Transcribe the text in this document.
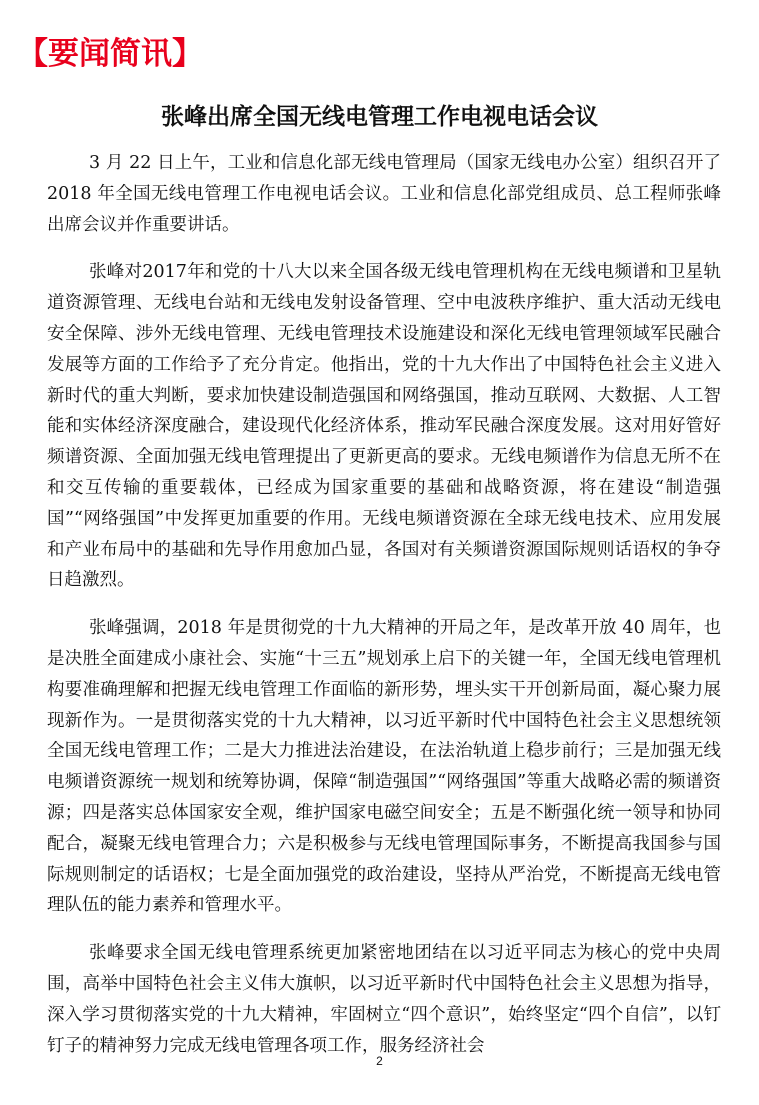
【要闻简讯】
张峰出席全国无线电管理工作电视电话会议

3 月 22 日上午，工业和信息化部无线电管理局（国家无线电办公室）组织召开了 2018 年全国无线电管理工作电视电话会议。工业和信息化部党组成员、总工程师张峰出席会议并作重要讲话。

张峰对2017年和党的十八大以来全国各级无线电管理机构在无线电频谱和卫星轨道资源管理、无线电台站和无线电发射设备管理、空中电波秩序维护、重大活动无线电安全保障、涉外无线电管理、无线电管理技术设施建设和深化无线电管理领域军民融合发展等方面的工作给予了充分肯定。他指出，党的十九大作出了中国特色社会主义进入新时代的重大判断，要求加快建设制造强国和网络强国，推动互联网、大数据、人工智能和实体经济深度融合，建设现代化经济体系，推动军民融合深度发展。这对用好管好频谱资源、全面加强无线电管理提出了更新更高的要求。无线电频谱作为信息无所不在和交互传输的重要载体，已经成为国家重要的基础和战略资源，将在建设“制造强国”“网络强国”中发挥更加重要的作用。无线电频谱资源在全球无线电技术、应用发展和产业布局中的基础和先导作用愈加凸显，各国对有关频谱资源国际规则话语权的争夺日趋激烈。

张峰强调，2018 年是贯彻党的十九大精神的开局之年，是改革开放 40 周年，也是决胜全面建成小康社会、实施“十三五”规划承上启下的关键一年，全国无线电管理机构要准确理解和把握无线电管理工作面临的新形势，埋头实干开创新局面，凝心聚力展现新作为。一是贯彻落实党的十九大精神，以习近平新时代中国特色社会主义思想统领全国无线电管理工作；二是大力推进法治建设，在法治轨道上稳步前行；三是加强无线电频谱资源统一规划和统筹协调，保障“制造强国”“网络强国”等重大战略必需的频谱资源；四是落实总体国家安全观，维护国家电磁空间安全；五是不断强化统一领导和协同配合，凝聚无线电管理合力；六是积极参与无线电管理国际事务，不断提高我国参与国际规则制定的话语权；七是全面加强党的政治建设，坚持从严治党，不断提高无线电管理队伍的能力素养和管理水平。

张峰要求全国无线电管理系统更加紧密地团结在以习近平同志为核心的党中央周围，高举中国特色社会主义伟大旗帜，以习近平新时代中国特色社会主义思想为指导，深入学习贯彻落实党的十九大精神，牢固树立“四个意识”，始终坚定“四个自信”，以钉钉子的精神努力完成无线电管理各项工作，服务经济社会

2
